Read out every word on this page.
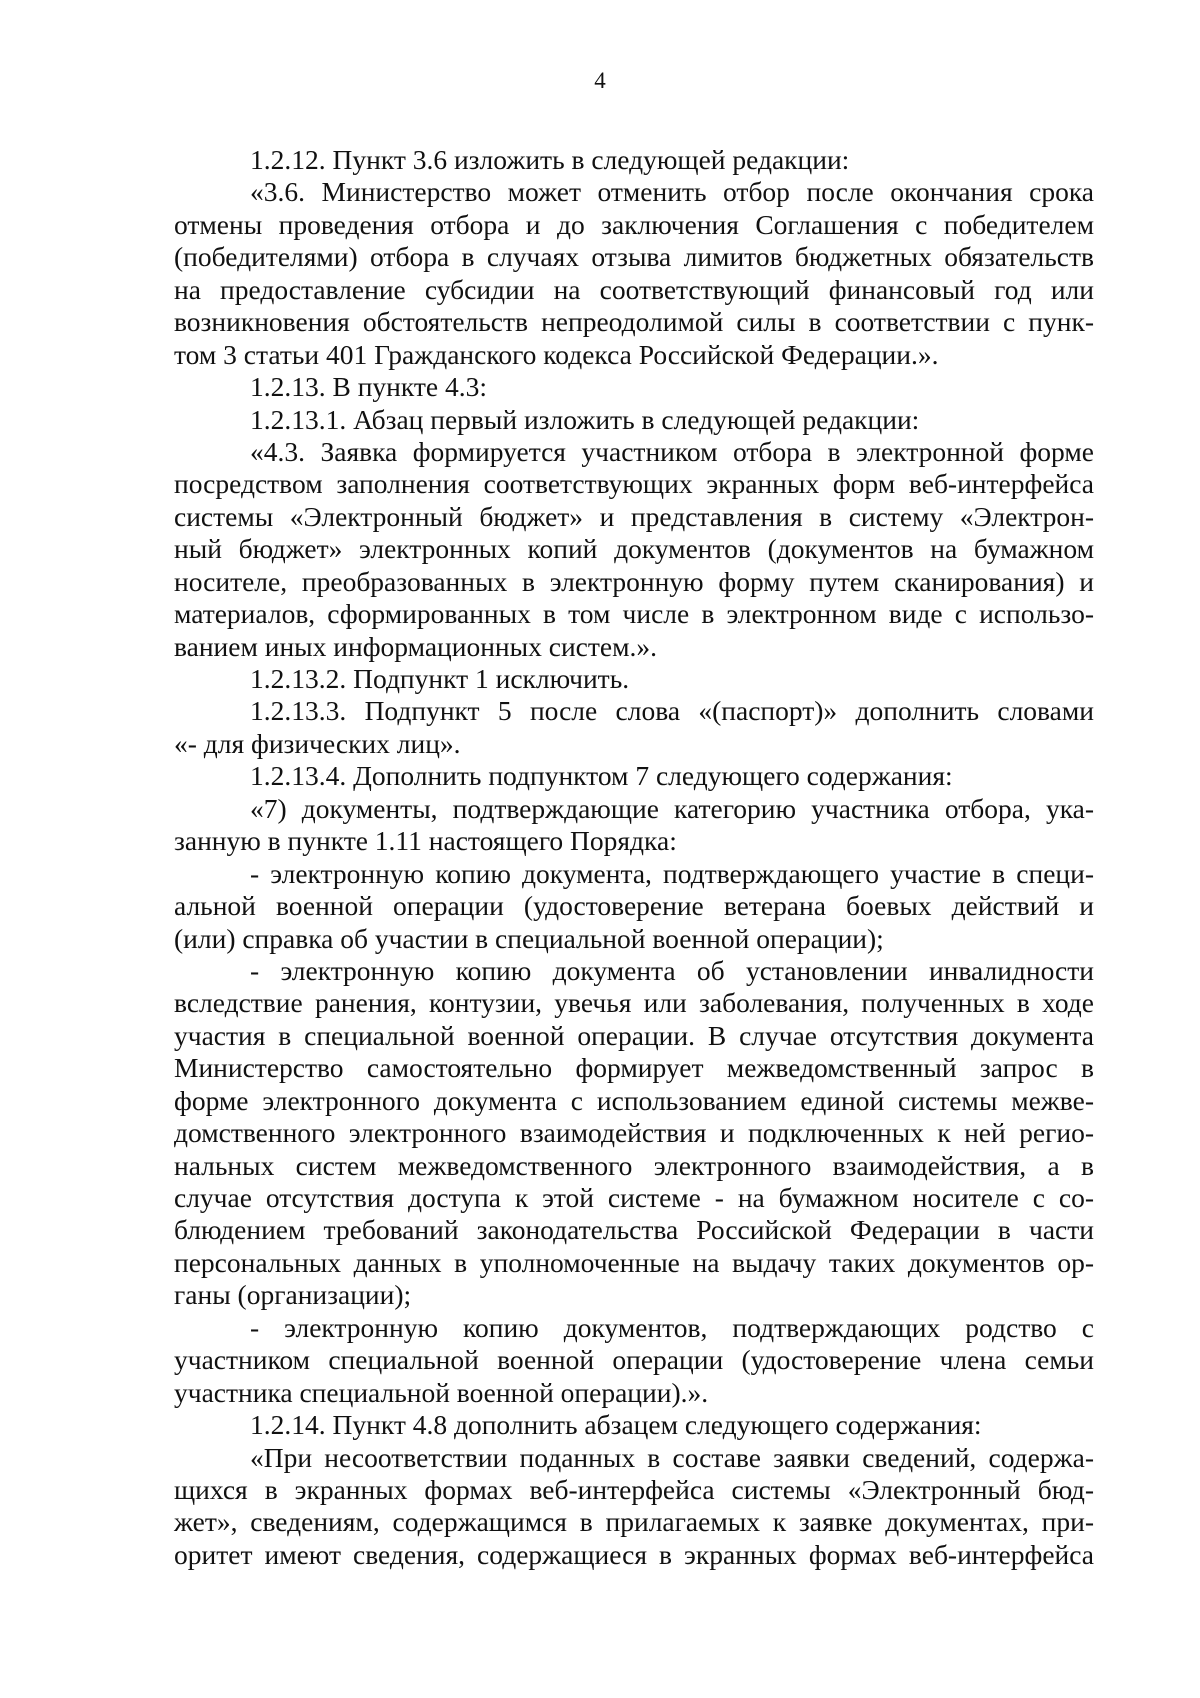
4
1.2.12. Пункт 3.6 изложить в следующей редакции:
«3.6. Министерство может отменить отбор после окончания срока
отмены проведения отбора и до заключения Соглашения с победителем
(победителями) отбора в случаях отзыва лимитов бюджетных обязательств
на предоставление субсидии на соответствующий финансовый год или
возникновения обстоятельств непреодолимой силы в соответствии с пунк-
том 3 статьи 401 Гражданского кодекса Российской Федерации.».
1.2.13. В пункте 4.3:
1.2.13.1. Абзац первый изложить в следующей редакции:
«4.3. Заявка формируется участником отбора в электронной форме
посредством заполнения соответствующих экранных форм веб-интерфейса
системы «Электронный бюджет» и представления в систему «Электрон-
ный бюджет» электронных копий документов (документов на бумажном
носителе, преобразованных в электронную форму путем сканирования) и
материалов, сформированных в том числе в электронном виде с использо-
ванием иных информационных систем.».
1.2.13.2. Подпункт 1 исключить.
1.2.13.3. Подпункт 5 после слова «(паспорт)» дополнить словами
«- для физических лиц».
1.2.13.4. Дополнить подпунктом 7 следующего содержания:
«7) документы, подтверждающие категорию участника отбора, ука-
занную в пункте 1.11 настоящего Порядка:
- электронную копию документа, подтверждающего участие в специ-
альной военной операции (удостоверение ветерана боевых действий и
(или) справка об участии в специальной военной операции);
- электронную копию документа об установлении инвалидности
вследствие ранения, контузии, увечья или заболевания, полученных в ходе
участия в специальной военной операции. В случае отсутствия документа
Министерство самостоятельно формирует межведомственный запрос в
форме электронного документа с использованием единой системы межве-
домственного электронного взаимодействия и подключенных к ней регио-
нальных систем межведомственного электронного взаимодействия, а в
случае отсутствия доступа к этой системе - на бумажном носителе с со-
блюдением требований законодательства Российской Федерации в части
персональных данных в уполномоченные на выдачу таких документов ор-
ганы (организации);
- электронную копию документов, подтверждающих родство с
участником специальной военной операции (удостоверение члена семьи
участника специальной военной операции).».
1.2.14. Пункт 4.8 дополнить абзацем следующего содержания:
«При несоответствии поданных в составе заявки сведений, содержа-
щихся в экранных формах веб-интерфейса системы «Электронный бюд-
жет», сведениям, содержащимся в прилагаемых к заявке документах, при-
оритет имеют сведения, содержащиеся в экранных формах веб-интерфейса
